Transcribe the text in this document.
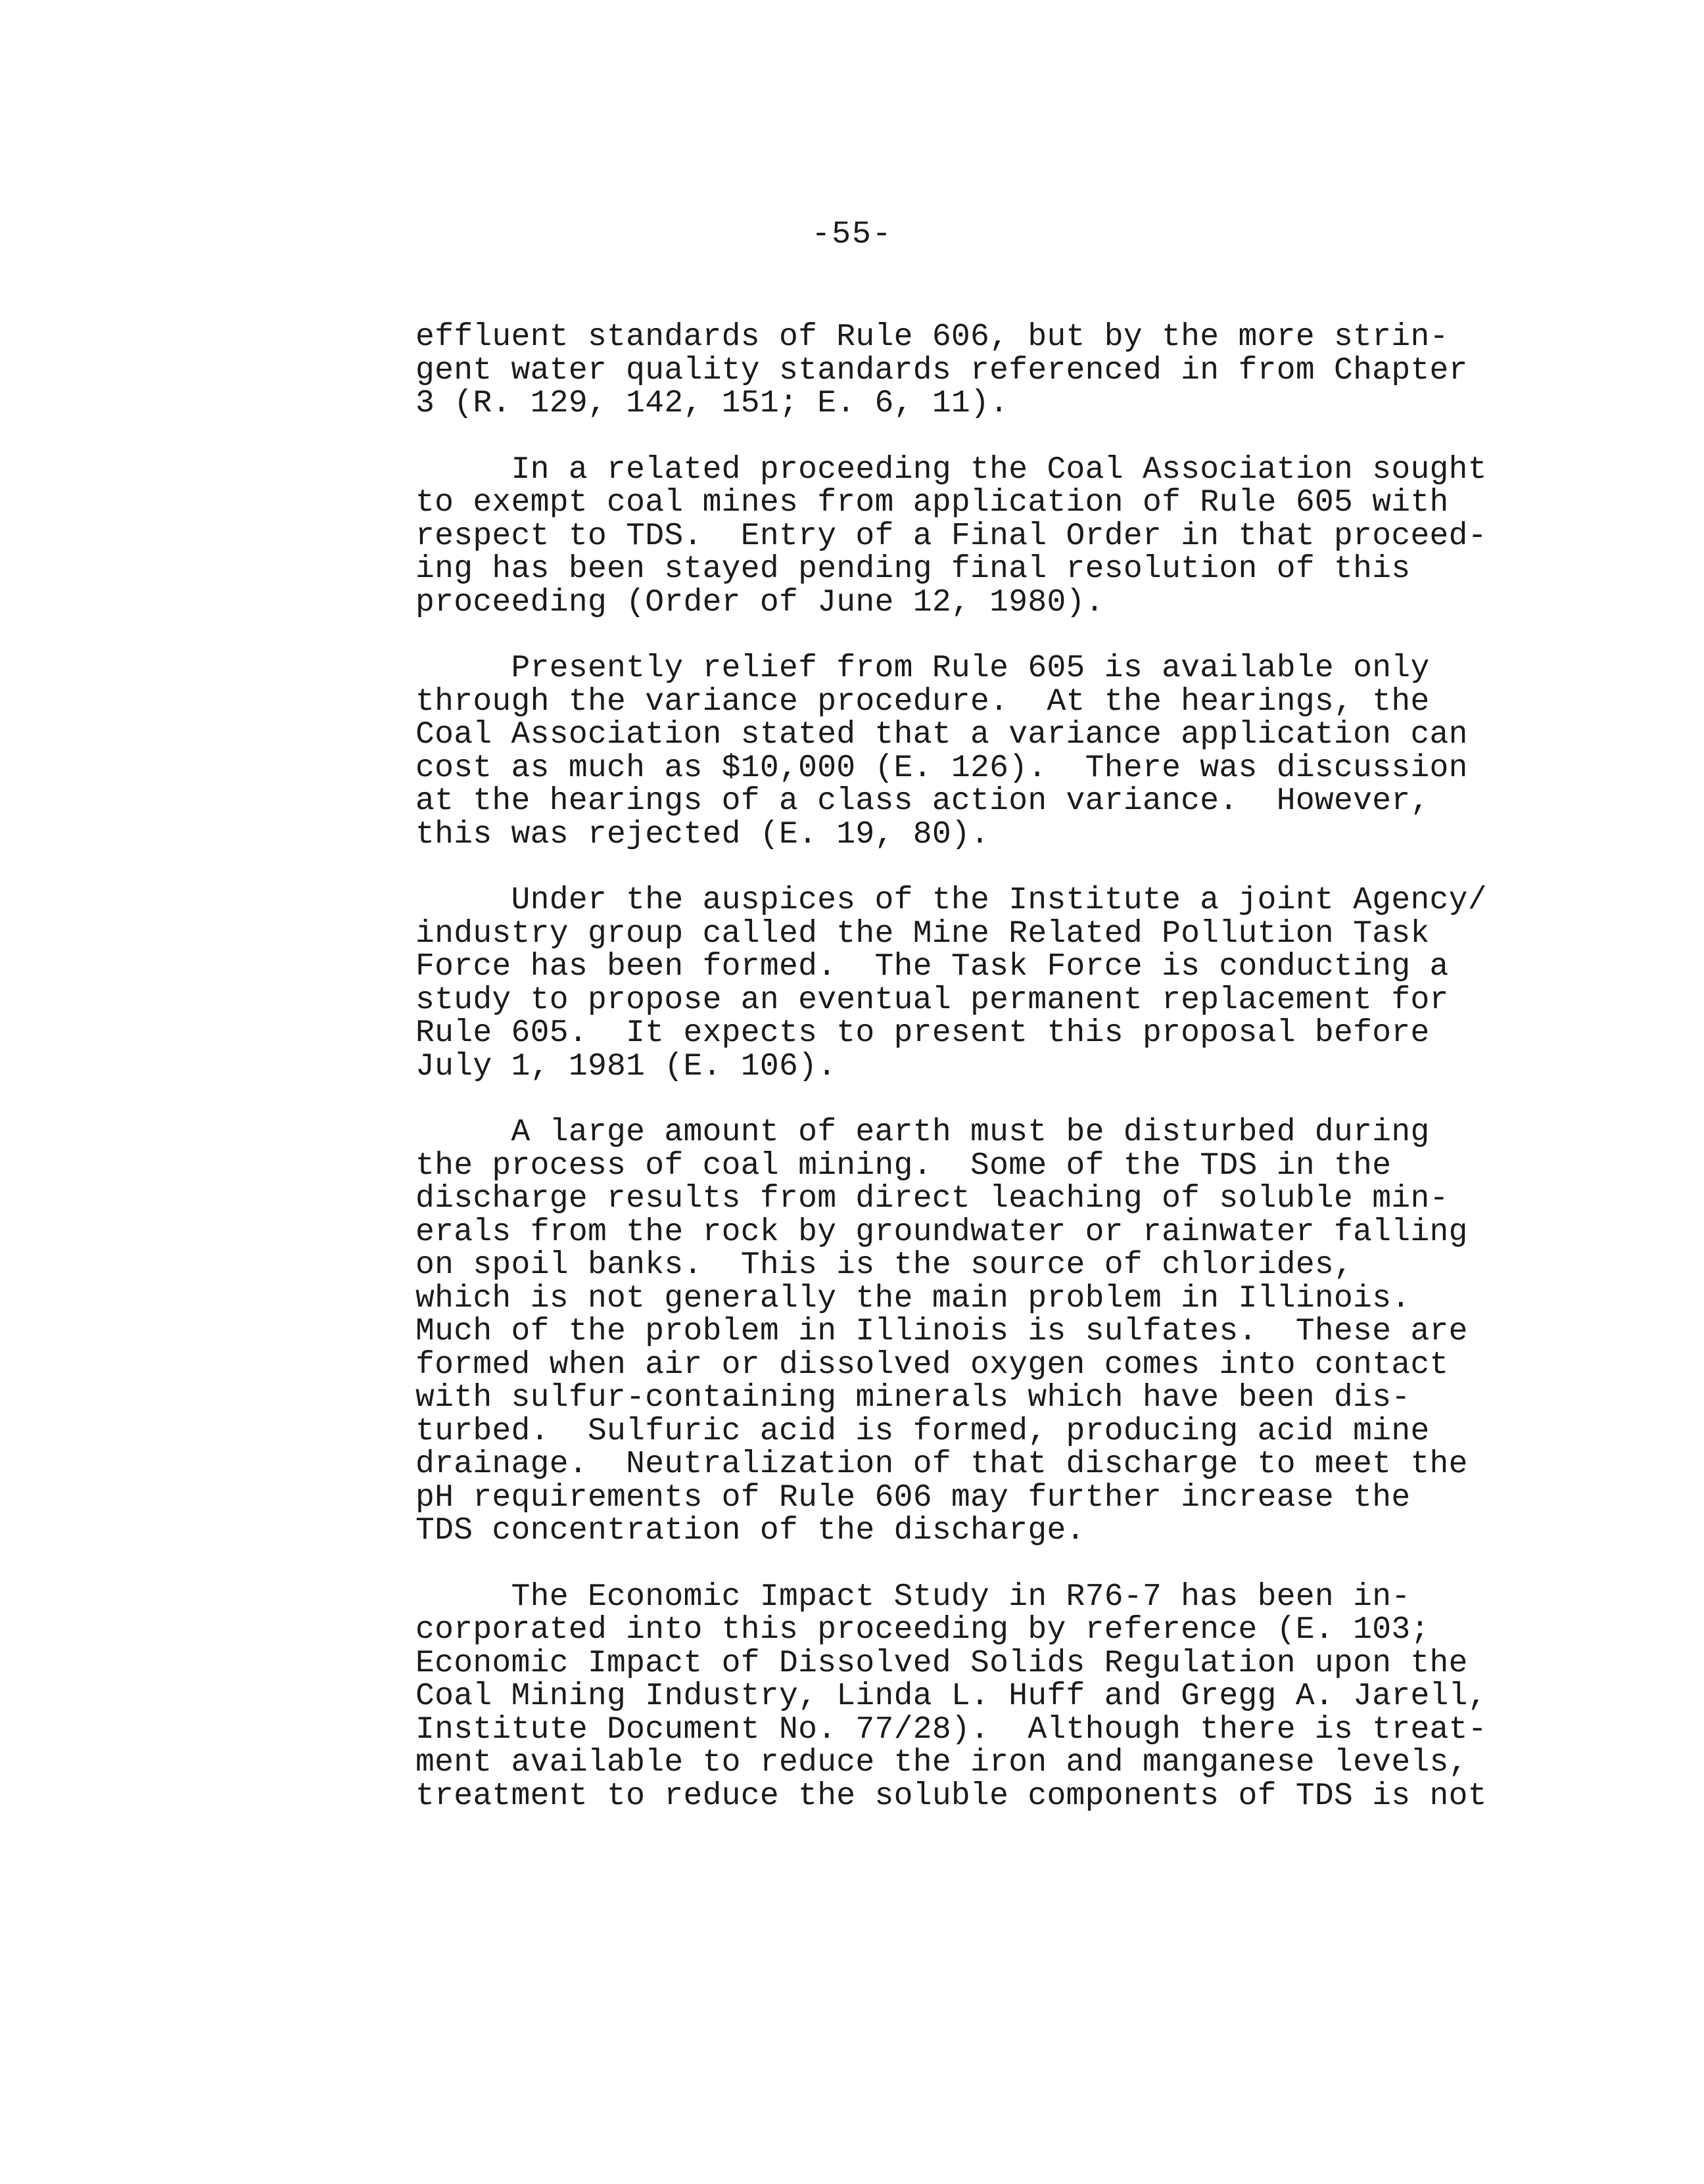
-55-
effluent standards of Rule 606, but by the more strin-
gent water quality standards referenced in from Chapter
3 (R. 129, 142, 151; E. 6, 11).
In a related proceeding the Coal Association sought
to exempt coal mines from application of Rule 605 with
respect to TDS.  Entry of a Final Order in that proceed-
ing has been stayed pending final resolution of this
proceeding (Order of June 12, 1980).
Presently relief from Rule 605 is available only
through the variance procedure.  At the hearings, the
Coal Association stated that a variance application can
cost as much as $10,000 (E. 126).  There was discussion
at the hearings of a class action variance.  However,
this was rejected (E. 19, 80).
Under the auspices of the Institute a joint Agency/
industry group called the Mine Related Pollution Task
Force has been formed.  The Task Force is conducting a
study to propose an eventual permanent replacement for
Rule 605.  It expects to present this proposal before
July 1, 1981 (E. 106).
A large amount of earth must be disturbed during
the process of coal mining.  Some of the TDS in the
discharge results from direct leaching of soluble min-
erals from the rock by groundwater or rainwater falling
on spoil banks.  This is the source of chlorides,
which is not generally the main problem in Illinois.
Much of the problem in Illinois is sulfates.  These are
formed when air or dissolved oxygen comes into contact
with sulfur-containing minerals which have been dis-
turbed.  Sulfuric acid is formed, producing acid mine
drainage.  Neutralization of that discharge to meet the
pH requirements of Rule 606 may further increase the
TDS concentration of the discharge.
The Economic Impact Study in R76-7 has been in-
corporated into this proceeding by reference (E. 103;
Economic Impact of Dissolved Solids Regulation upon the
Coal Mining Industry, Linda L. Huff and Gregg A. Jarell,
Institute Document No. 77/28).  Although there is treat-
ment available to reduce the iron and manganese levels,
treatment to reduce the soluble components of TDS is not
